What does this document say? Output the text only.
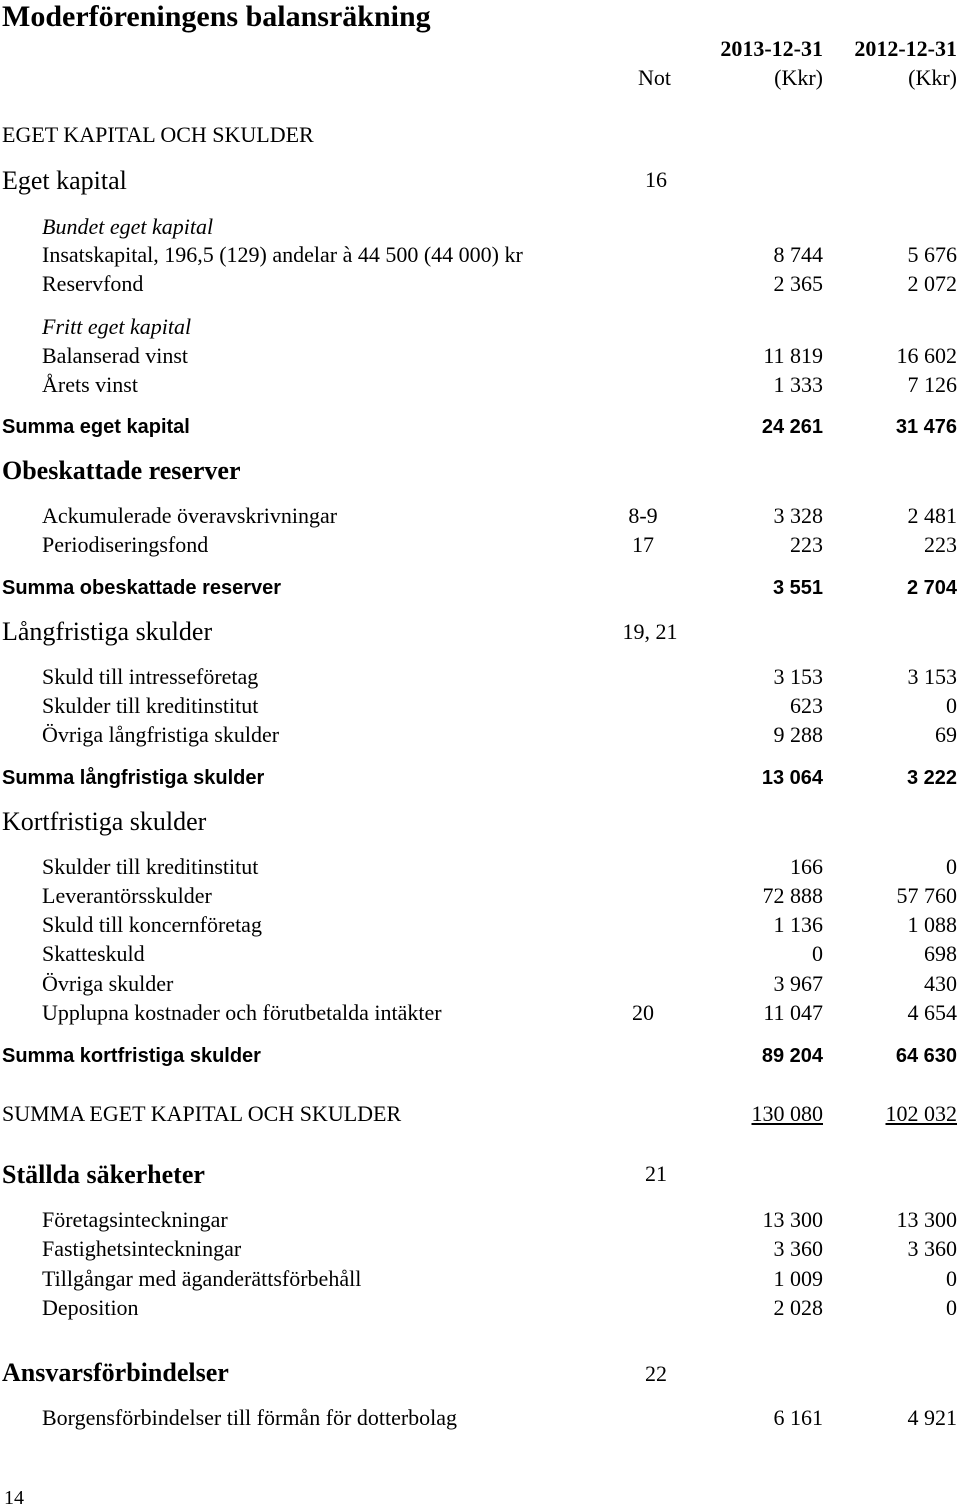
Moderföreningens balansräkning
2013-12-31 2012-12-31
Not	(Kkr)	(Kkr)
EGET KAPITAL OCH SKULDER
Eget kapital	16
Bundet eget kapital
Insatskapital, 196,5 (129) andelar à 44 500 (44 000) kr	8 744	5 676
Reservfond	2 365	2 072
Fritt eget kapital
Balanserad vinst	11 819	16 602
Årets vinst	1 333	7 126
Summa eget kapital	24 261	31 476
Obeskattade reserver
Ackumulerade överavskrivningar	8-9	3 328	2 481
Periodiseringsfond	17	223	223
Summa obeskattade reserver	3 551	2 704
Långfristiga skulder	19, 21
Skuld till intresseföretag	3 153	3 153
Skulder till kreditinstitut	623	0
Övriga långfristiga skulder	9 288	69
Summa långfristiga skulder	13 064	3 222
Kortfristiga skulder
Skulder till kreditinstitut	166	0
Leverantörsskulder	72 888	57 760
Skuld till koncernföretag	1 136	1 088
Skatteskuld	0	698
Övriga skulder	3 967	430
Upplupna kostnader och förutbetalda intäkter	20	11 047	4 654
Summa kortfristiga skulder	89 204	64 630
SUMMA EGET KAPITAL OCH SKULDER	130 080	102 032
Ställda säkerheter	21
Företagsinteckningar	13 300	13 300
Fastighetsinteckningar	3 360	3 360
Tillgångar med äganderättsförbehåll	1 009	0
Deposition	2 028	0
Ansvarsförbindelser	22
Borgensförbindelser till förmån för dotterbolag	6 161	4 921
14
